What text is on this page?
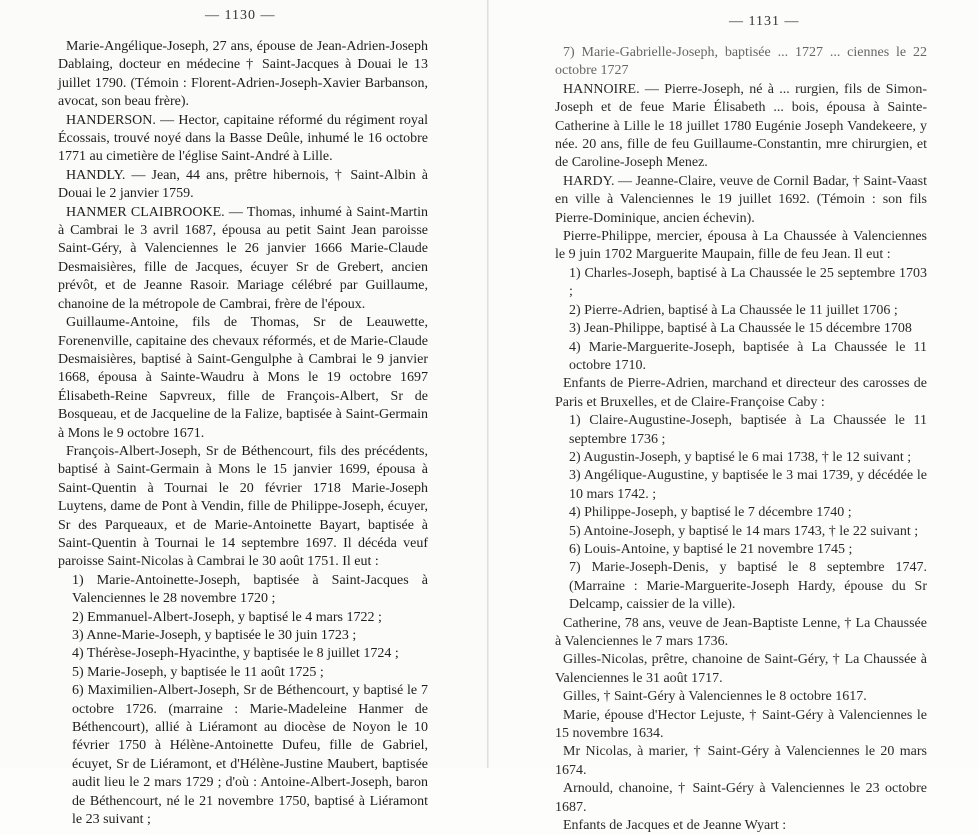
— 1130 —

Marie-Angélique-Joseph, 27 ans, épouse de Jean-Adrien-Joseph Dablaing, docteur en médecine † Saint-Jacques à Douai le 13 juillet 1790. (Témoin : Florent-Adrien-Joseph-Xavier Barbanson, avocat, son beau frère).

HANDERSON. — Hector, capitaine réformé du régiment royal Écossais, trouvé noyé dans la Basse Deûle, inhumé le 16 octobre 1771 au cimetière de l'église Saint-André à Lille.

HANDLY. — Jean, 44 ans, prêtre hibernois, † Saint-Albin à Douai le 2 janvier 1759.

HANMER CLAIBROOKE. — Thomas, inhumé à Saint-Martin à Cambrai le 3 avril 1687, épousa au petit Saint Jean paroisse Saint-Géry, à Valenciennes le 26 janvier 1666 Marie-Claude Desmaisières, fille de Jacques, écuyer Sr de Grebert, ancien prévôt, et de Jeanne Rasoir. Mariage célébré par Guillaume, chanoine de la métropole de Cambrai, frère de l'époux.

Guillaume-Antoine, fils de Thomas, Sr de Leauwette, Forenenville, capitaine des chevaux réformés, et de Marie-Claude Desmaisières, baptisé à Saint-Gengulphe à Cambrai le 9 janvier 1668, épousa à Sainte-Waudru à Mons le 19 octobre 1697 Élisabeth-Reine Sapvreux, fille de François-Albert, Sr de Bosqueau, et de Jacqueline de la Falize, baptisée à Saint-Germain à Mons le 9 octobre 1671.

François-Albert-Joseph, Sr de Béthencourt, fils des précédents, baptisé à Saint-Germain à Mons le 15 janvier 1699, épousa à Saint-Quentin à Tournai le 20 février 1718 Marie-Joseph Luytens, dame de Pont à Vendin, fille de Philippe-Joseph, écuyer, Sr des Parqueaux, et de Marie-Antoinette Bayart, baptisée à Saint-Quentin à Tournai le 14 septembre 1697. Il décéda veuf paroisse Saint-Nicolas à Cambrai le 30 août 1751. Il eut :

1) Marie-Antoinette-Joseph, baptisée à Saint-Jacques à Valenciennes le 28 novembre 1720 ;

2) Emmanuel-Albert-Joseph, y baptisé le 4 mars 1722 ;

3) Anne-Marie-Joseph, y baptisée le 30 juin 1723 ;

4) Thérèse-Joseph-Hyacinthe, y baptisée le 8 juillet 1724 ;

5) Marie-Joseph, y baptisée le 11 août 1725 ;

6) Maximilien-Albert-Joseph, Sr de Béthencourt, y baptisé le 7 octobre 1726. (marraine : Marie-Madeleine Hanmer de Béthencourt), allié à Liéramont au diocèse de Noyon le 10 février 1750 à Hélène-Antoinette Dufeu, fille de Gabriel, écuyet, Sr de Liéramont, et d'Hélène-Justine Maubert, baptisée audit lieu le 2 mars 1729 ; d'où : Antoine-Albert-Joseph, baron de Béthencourt, né le 21 novembre 1750, baptisé à Liéramont le 23 suivant ;

— 1131 —

7) Marie-Gabrielle-Joseph, baptisée ... 1727 ... ciennes le 22 octobre 1727

HANNOIRE. — Pierre-Joseph, né à ... rurgien, fils de Simon-Joseph et de feue Marie Élisabeth ... bois, épousa à Sainte-Catherine à Lille le 18 juillet 1780 Eugénie Joseph Vandekeere, y née. 20 ans, fille de feu Guillaume-Constantin, mre chirurgien, et de Caroline-Joseph Menez.

HARDY. — Jeanne-Claire, veuve de Cornil Badar, † Saint-Vaast en ville à Valenciennes le 19 juillet 1692. (Témoin : son fils Pierre-Dominique, ancien échevin).

Pierre-Philippe, mercier, épousa à La Chaussée à Valenciennes le 9 juin 1702 Marguerite Maupain, fille de feu Jean. Il eut :

1) Charles-Joseph, baptisé à La Chaussée le 25 septembre 1703 ;

2) Pierre-Adrien, baptisé à La Chaussée le 11 juillet 1706 ;

3) Jean-Philippe, baptisé à La Chaussée le 15 décembre 1708

4) Marie-Marguerite-Joseph, baptisée à La Chaussée le 11 octobre 1710.

Enfants de Pierre-Adrien, marchand et directeur des carosses de Paris et Bruxelles, et de Claire-Françoise Caby :

1) Claire-Augustine-Joseph, baptisée à La Chaussée le 11 septembre 1736 ;

2) Augustin-Joseph, y baptisé le 6 mai 1738, † le 12 suivant ;

3) Angélique-Augustine, y baptisée le 3 mai 1739, y décédée le 10 mars 1742. ;

4) Philippe-Joseph, y baptisé le 7 décembre 1740 ;

5) Antoine-Joseph, y baptisé le 14 mars 1743, † le 22 suivant ;

6) Louis-Antoine, y baptisé le 21 novembre 1745 ;

7) Marie-Joseph-Denis, y baptisé le 8 septembre 1747. (Marraine : Marie-Marguerite-Joseph Hardy, épouse du Sr Delcamp, caissier de la ville).

Catherine, 78 ans, veuve de Jean-Baptiste Lenne, † La Chaussée à Valenciennes le 7 mars 1736.

Gilles-Nicolas, prêtre, chanoine de Saint-Géry, † La Chaussée à Valenciennes le 31 août 1717.

Gilles, † Saint-Géry à Valenciennes le 8 octobre 1617.

Marie, épouse d'Hector Lejuste, † Saint-Géry à Valenciennes le 15 novembre 1634.

Mr Nicolas, à marier, † Saint-Géry à Valenciennes le 20 mars 1674.

Arnould, chanoine, † Saint-Géry à Valenciennes le 23 octobre 1687.

Enfants de Jacques et de Jeanne Wyart :
